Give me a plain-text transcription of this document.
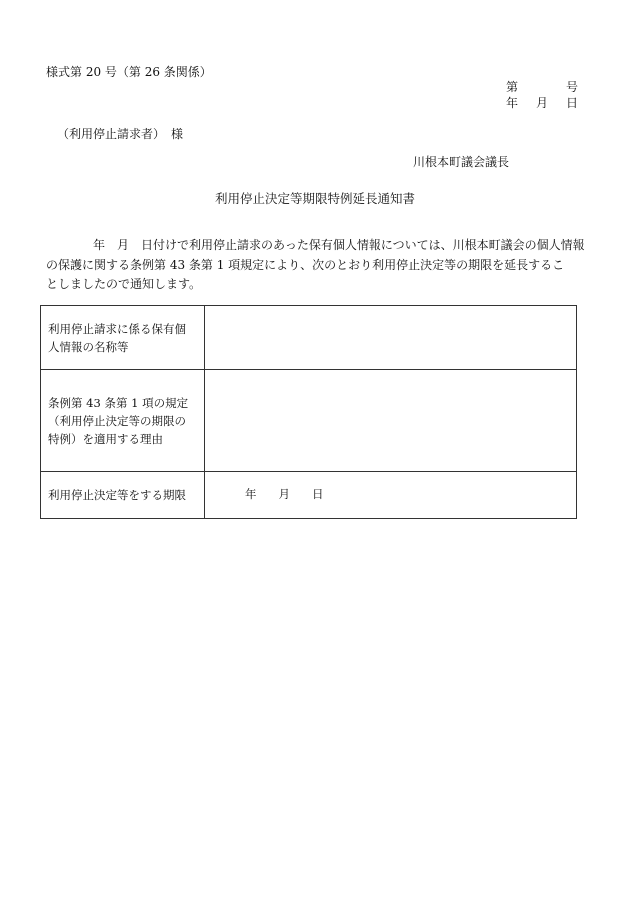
様式第 20 号（第 26 条関係）
第	号
年 月 日
（利用停止請求者）　様
川根本町議会議長
利用停止決定等期限特例延長通知書
年　月　日付けで利用停止請求のあった保有個人情報については、川根本町議会の個人情報
の保護に関する条例第 43 条第 1 項規定により、次のとおり利用停止決定等の期限を延長するこ
としましたので通知します。
利用停止請求に係る保有個
人情報の名称等	

条例第 43 条第 1 項の規定
（利用停止決定等の期限の
特例）を適用する理由	

利用停止決定等をする期限	年 月 日
